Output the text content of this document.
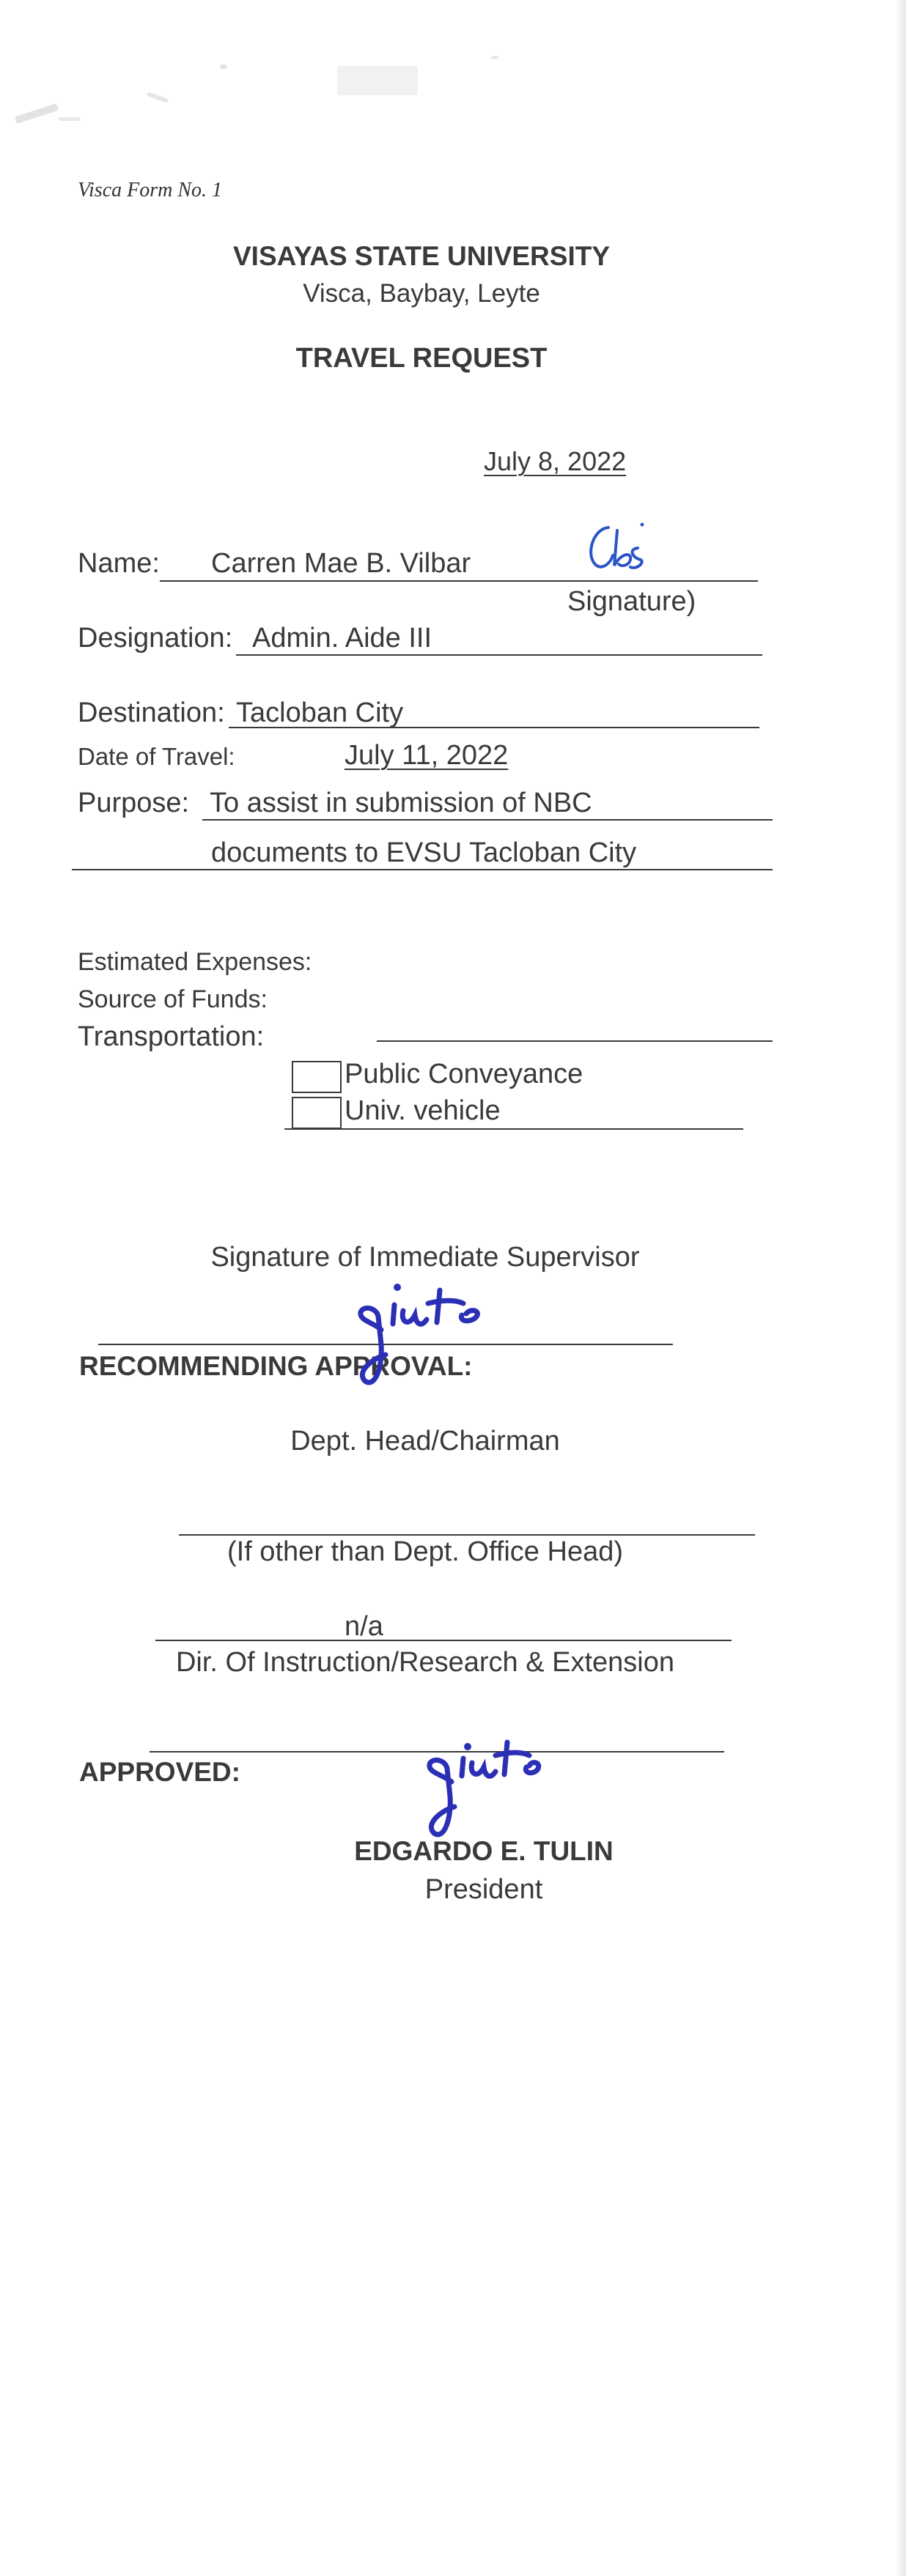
Visca Form No. 1
VISAYAS STATE UNIVERSITY
Visca, Baybay, Leyte
TRAVEL REQUEST
July 8, 2022
Name: Carren Mae B. Vilbar
Signature)
Designation: Admin. Aide III
Destination: Tacloban City
Date of Travel:	July 11, 2022
Purpose: To assist in submission of NBC
documents to EVSU Tacloban City
Estimated Expenses:
Source of Funds:
Transportation:
Public Conveyance
Univ. vehicle
Signature of Immediate Supervisor
RECOMMENDING APPROVAL:
Dept. Head/Chairman
(If other than Dept. Office Head)
n/a
Dir. Of Instruction/Research & Extension
APPROVED:
EDGARDO E. TULIN
President
